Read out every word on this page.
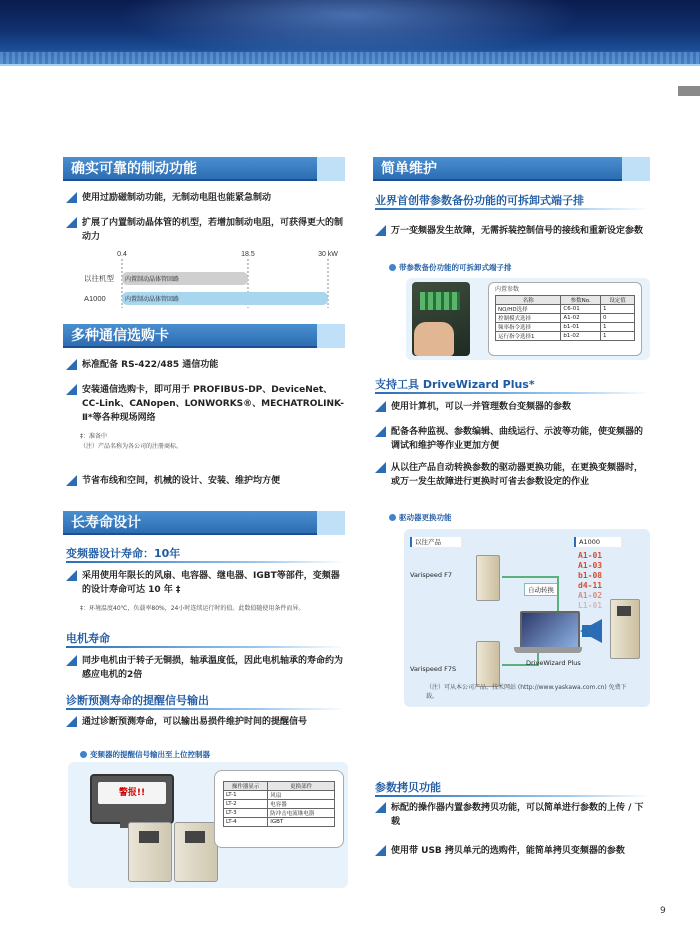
确实可靠的制动功能
使用过励磁制动功能，无制动电阻也能紧急制动
扩展了内置制动晶体管的机型，若增加制动电阻，可获得更大的制动力
0.4	18.5	30 kW
以往机型 内置制动晶体管回路
A1000	内置制动晶体管回路
多种通信选购卡
标准配备 RS-422/485 通信功能
安装通信选购卡，即可用于 PROFIBUS-DP、DeviceNet、CC-Link、CANopen、LONWORKS®、MECHATROLINK-Ⅱ*等各种现场网络
‡：准备中
（注）产品名称为各公司的注册商标。
节省布线和空间，机械的设计、安装、维护均方便
长寿命设计
变频器设计寿命：10年
采用使用年限长的风扇、电容器、继电器、IGBT等部件，变频器的设计寿命可达 10 年 ‡
‡：环境温度40℃，负载率80%，24小时连续运行时的值。此数值随使用条件而异。
电机寿命
同步电机由于转子无铜损，轴承温度低，因此电机轴承的寿命约为感应电机的2倍
诊断预测寿命的提醒信号输出
通过诊断预测寿命，可以输出易损件维护时间的提醒信号
变频器的提醒信号输出至上位控制器
警报!!
操作器显示	更换部件
LT-1	风扇
LT-2	电容器
LT-3	防冲击电流继电器
LT-4	IGBT
简单维护
业界首创带参数备份功能的可拆卸式端子排
万一变频器发生故障，无需拆装控制信号的接线和重新设定参数
带参数备份功能的可拆卸式端子排
内置参数
名称	参数No.	设定值
NO/HD选择	C6-01	1
控制模式选择	A1-02	0
频率指令选择	b1-01	1
运行指令选择1	b1-02	1
支持工具 DriveWizard Plus*
使用计算机，可以一并管理数台变频器的参数
配备各种监视、参数编辑、曲线运行、示波等功能，使变频器的调试和维护等作业更加方便
从以往产品自动转换参数的驱动器更换功能，在更换变频器时，或万一发生故障进行更换时可省去参数设定的作业
驱动器更换功能
以往产品	A1000
Varispeed F7
Varispeed F7S
自动转换
DriveWizard Plus
A1-01
A1-03
b1-08
d4-11
A1-02
L1-01
（注）可从本公司产品、技术网站 (http://www.yaskawa.com.cn) 免费下载。
参数拷贝功能
标配的操作器内置参数拷贝功能，可以简单进行参数的上传 / 下载
使用带 USB 拷贝单元的选购件，能简单拷贝变频器的参数
9
